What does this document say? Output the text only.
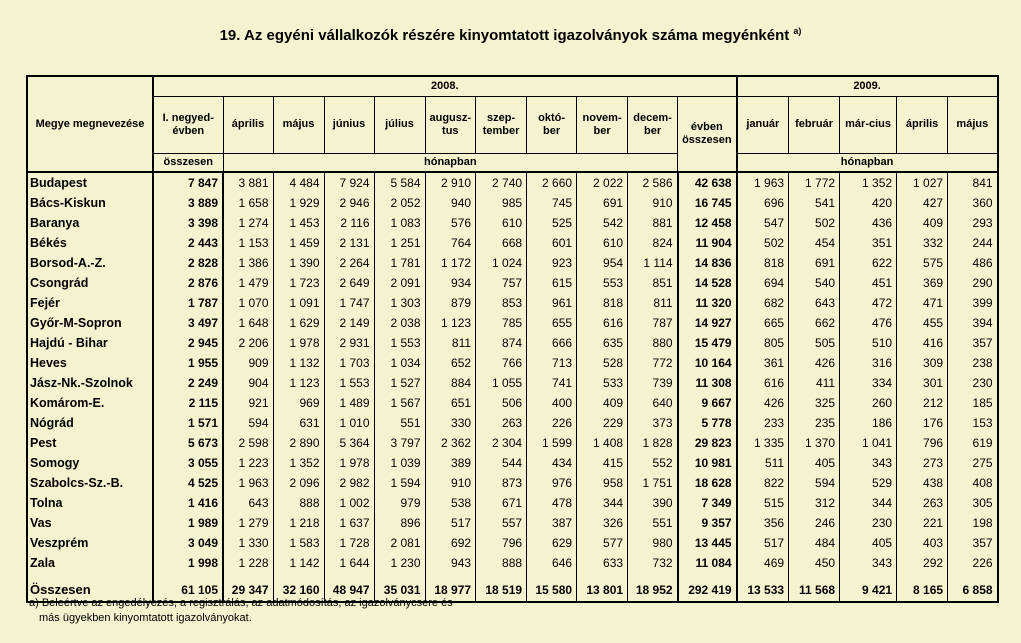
19. Az egyéni vállalkozók részére kinyomtatott igazolványok száma megyénként $^{a)}$
Megye megnevezése	2008.											2009.				
	I. negyed-évben	április	május	június	július	augusz-tus	szep-tember	októ-ber	novem-ber	decem-ber	évben összesen	január	február	már-cius	április	május
	összesen	hónapban										hónapban				
Budapest	7 847	3 881	4 484	7 924	5 584	2 910	2 740	2 660	2 022	2 586	42 638	1 963	1 772	1 352	1 027	841
Bács-Kiskun	3 889	1 658	1 929	2 946	2 052	940	985	745	691	910	16 745	696	541	420	427	360
Baranya	3 398	1 274	1 453	2 116	1 083	576	610	525	542	881	12 458	547	502	436	409	293
Békés	2 443	1 153	1 459	2 131	1 251	764	668	601	610	824	11 904	502	454	351	332	244
Borsod-A.-Z.	2 828	1 386	1 390	2 264	1 781	1 172	1 024	923	954	1 114	14 836	818	691	622	575	486
Csongrád	2 876	1 479	1 723	2 649	2 091	934	757	615	553	851	14 528	694	540	451	369	290
Fejér	1 787	1 070	1 091	1 747	1 303	879	853	961	818	811	11 320	682	643	472	471	399
Győr-M-Sopron	3 497	1 648	1 629	2 149	2 038	1 123	785	655	616	787	14 927	665	662	476	455	394
Hajdú - Bihar	2 945	2 206	1 978	2 931	1 553	811	874	666	635	880	15 479	805	505	510	416	357
Heves	1 955	909	1 132	1 703	1 034	652	766	713	528	772	10 164	361	426	316	309	238
Jász-Nk.-Szolnok	2 249	904	1 123	1 553	1 527	884	1 055	741	533	739	11 308	616	411	334	301	230
Komárom-E.	2 115	921	969	1 489	1 567	651	506	400	409	640	9 667	426	325	260	212	185
Nógrád	1 571	594	631	1 010	551	330	263	226	229	373	5 778	233	235	186	176	153
Pest	5 673	2 598	2 890	5 364	3 797	2 362	2 304	1 599	1 408	1 828	29 823	1 335	1 370	1 041	796	619
Somogy	3 055	1 223	1 352	1 978	1 039	389	544	434	415	552	10 981	511	405	343	273	275
Szabolcs-Sz.-B.	4 525	1 963	2 096	2 982	1 594	910	873	976	958	1 751	18 628	822	594	529	438	408
Tolna	1 416	643	888	1 002	979	538	671	478	344	390	7 349	515	312	344	263	305
Vas	1 989	1 279	1 218	1 637	896	517	557	387	326	551	9 357	356	246	230	221	198
Veszprém	3 049	1 330	1 583	1 728	2 081	692	796	629	577	980	13 445	517	484	405	403	357
Zala	1 998	1 228	1 142	1 644	1 230	943	888	646	633	732	11 084	469	450	343	292	226
Összesen	61 105	29 347	32 160	48 947	35 031	18 977	18 519	15 580	13 801	18 952	292 419	13 533	11 568	9 421	8 165	6 858
a) Beleértve az engedélyezés, a regisztrálás, az adatmódosítás, az igazolványcsere és
más ügyekben kinyomtatott igazolványokat.
